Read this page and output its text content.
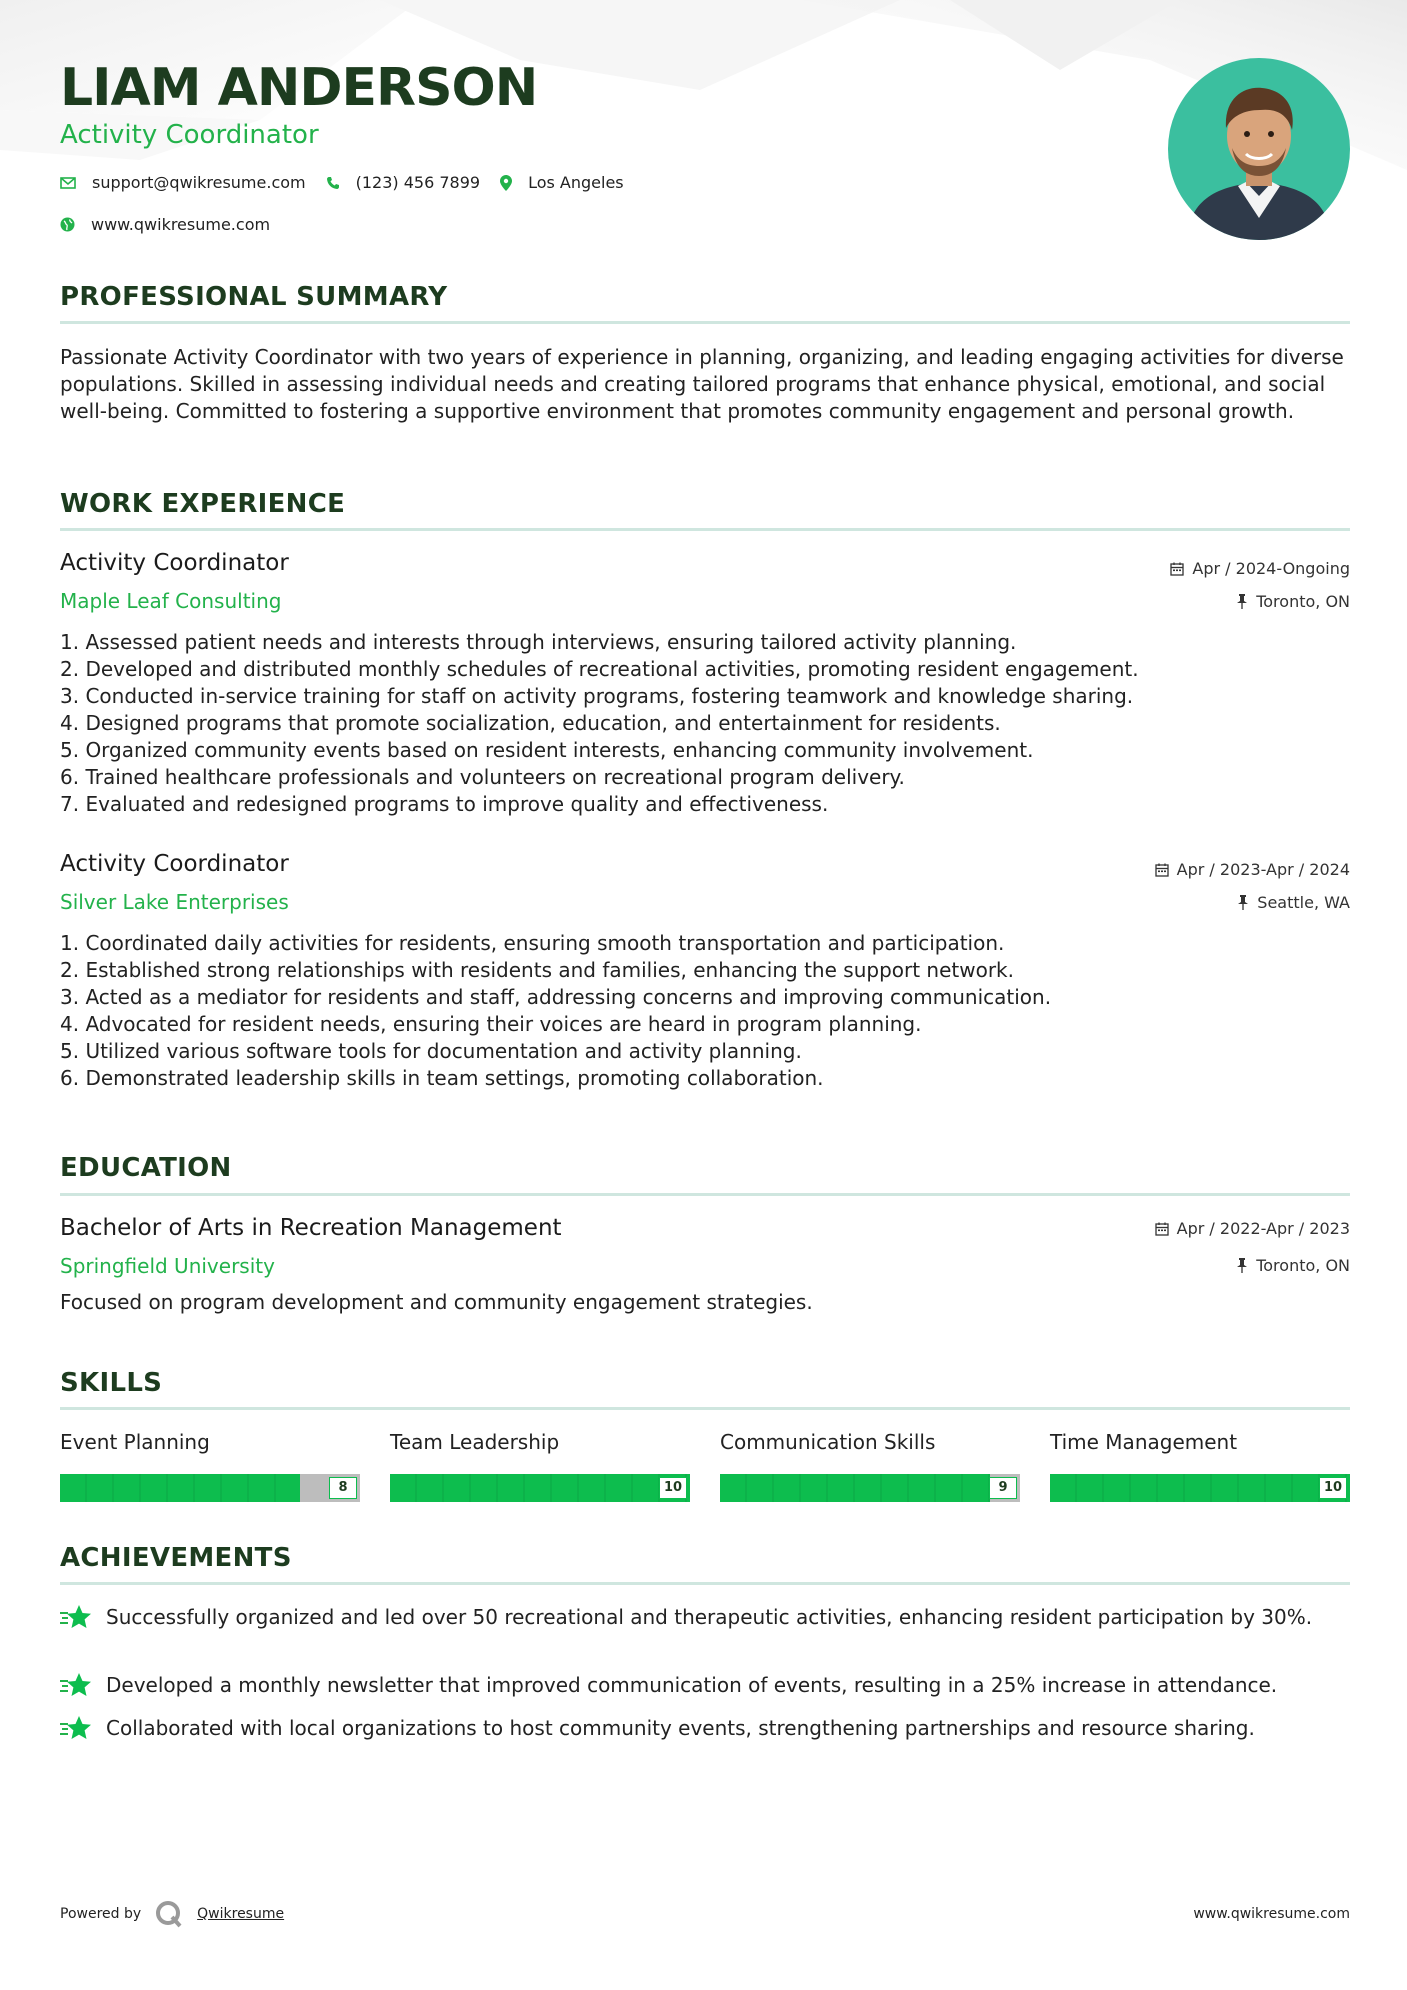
LIAM ANDERSON
Activity Coordinator
support@qwikresume.com	(123) 456 7899	Los Angeles
www.qwikresume.com
PROFESSIONAL SUMMARY

Passionate Activity Coordinator with two years of experience in planning, organizing, and leading engaging activities for diverse populations. Skilled in assessing individual needs and creating tailored programs that enhance physical, emotional, and social well-being. Committed to fostering a supportive environment that promotes community engagement and personal growth.

WORK EXPERIENCE
Activity Coordinator
Maple Leaf Consulting
Apr / 2024-Ongoing
Toronto, ON
1. Assessed patient needs and interests through interviews, ensuring tailored activity planning.
2. Developed and distributed monthly schedules of recreational activities, promoting resident engagement.
3. Conducted in-service training for staff on activity programs, fostering teamwork and knowledge sharing.
4. Designed programs that promote socialization, education, and entertainment for residents.
5. Organized community events based on resident interests, enhancing community involvement.
6. Trained healthcare professionals and volunteers on recreational program delivery.
7. Evaluated and redesigned programs to improve quality and effectiveness.
Activity Coordinator
Silver Lake Enterprises
Apr / 2023-Apr / 2024
Seattle, WA
1. Coordinated daily activities for residents, ensuring smooth transportation and participation.
2. Established strong relationships with residents and families, enhancing the support network.
3. Acted as a mediator for residents and staff, addressing concerns and improving communication.
4. Advocated for resident needs, ensuring their voices are heard in program planning.
5. Utilized various software tools for documentation and activity planning.
6. Demonstrated leadership skills in team settings, promoting collaboration.
EDUCATION
Bachelor of Arts in Recreation Management
Springfield University
Apr / 2022-Apr / 2023
Toronto, ON

Focused on program development and community engagement strategies.

SKILLS
Event Planning
8
Team Leadership
10
Communication Skills
9
Time Management
10
ACHIEVEMENTS
Successfully organized and led over 50 recreational and therapeutic activities, enhancing resident participation by 30%.
Developed a monthly newsletter that improved communication of events, resulting in a 25% increase in attendance.
Collaborated with local organizations to host community events, strengthening partnerships and resource sharing.
Powered by	Qwikresume	www.qwikresume.com
